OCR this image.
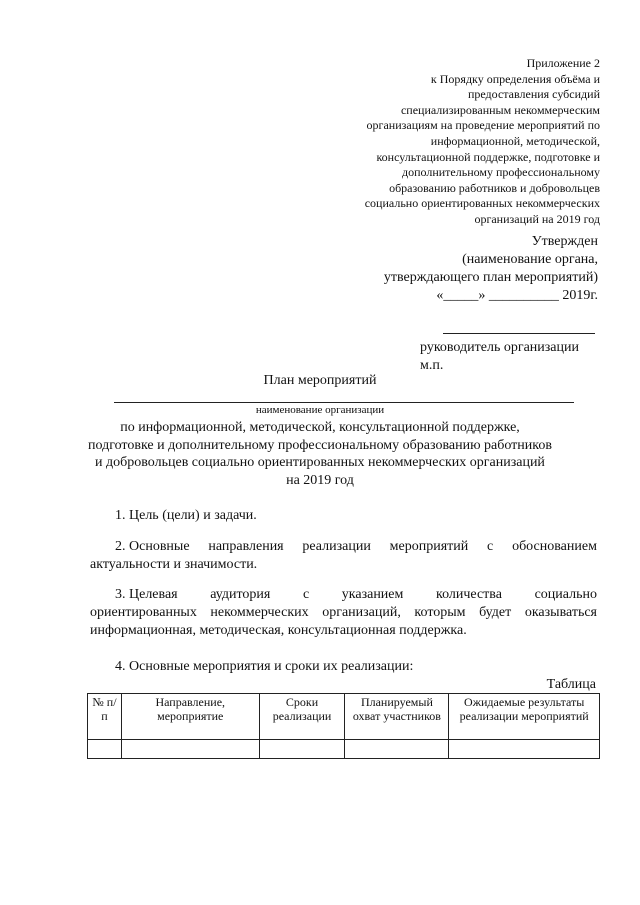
Приложение 2
к Порядку определения объёма и
предоставления субсидий
специализированным некоммерческим
организациям на проведение мероприятий по
информационной, методической,
консультационной поддержке, подготовке и
дополнительному профессиональному
образованию работников и добровольцев
социально ориентированных некоммерческих
организаций на 2019 год
Утвержден
(наименование органа,
утверждающего план мероприятий)
«_____» __________ 2019г.
руководитель организации
м.п.
План мероприятий
наименование организации
по информационной, методической, консультационной поддержке,
подготовке и дополнительному профессиональному образованию работников
и добровольцев социально ориентированных некоммерческих организаций
на 2019 год
1. Цель (цели) и задачи.
2. Основные направления реализации мероприятий с обоснованием
актуальности и значимости.
3. Целевая аудитория с указанием количества социально
ориентированных некоммерческих организаций, которым будет оказываться информационная, методическая, консультационная поддержка.
4. Основные мероприятия и сроки их реализации:
Таблица
№ п/п	Направление, мероприятие	Сроки реализации	Планируемый охват участников	Ожидаемые результаты реализации мероприятий
